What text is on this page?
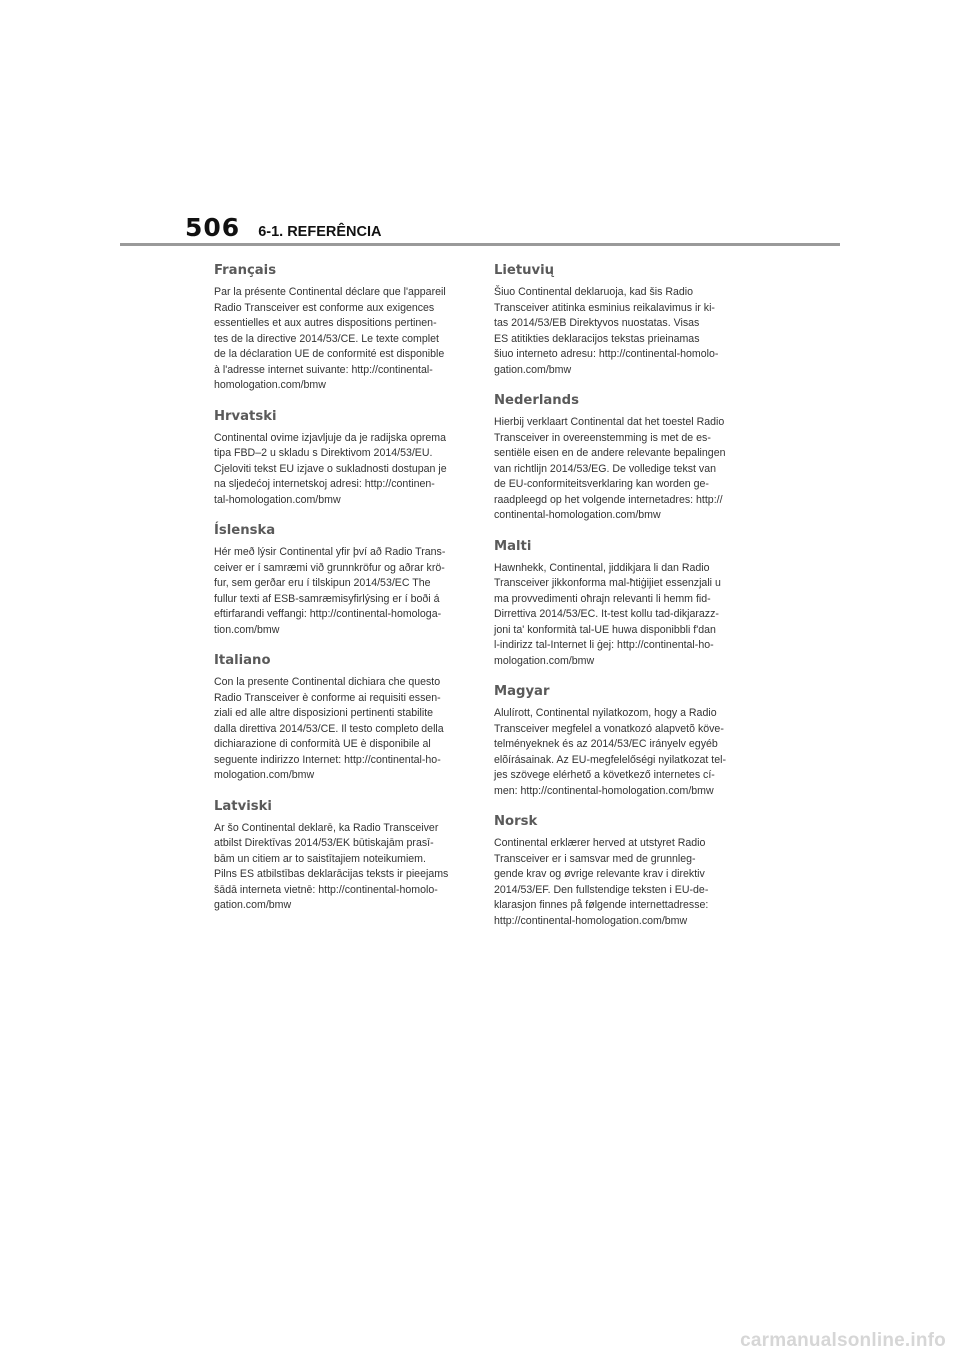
506 6-1. REFERÊNCIA
Français

Par la présente Continental déclare que l'appareil
Radio Transceiver est conforme aux exigences
essentielles et aux autres dispositions pertinen-
tes de la directive 2014/53/CE. Le texte complet
de la déclaration UE de conformité est disponible
à l'adresse internet suivante: http://continental-
homologation.com/bmw

Hrvatski

Continental ovime izjavljuje da je radijska oprema
tipa FBD–2 u skladu s Direktivom 2014/53/EU.
Cjeloviti tekst EU izjave o sukladnosti dostupan je
na sljedećoj internetskoj adresi: http://continen-
tal-homologation.com/bmw

Íslenska

Hér með lýsir Continental yfir því að Radio Trans-
ceiver er í samræmi við grunnkröfur og aðrar krö-
fur, sem gerðar eru í tilskipun 2014/53/EC The
fullur texti af ESB-samræmisyfirlýsing er í boði á
eftirfarandi veffangi: http://continental-homologa-
tion.com/bmw

Italiano

Con la presente Continental dichiara che questo
Radio Transceiver è conforme ai requisiti essen-
ziali ed alle altre disposizioni pertinenti stabilite
dalla direttiva 2014/53/CE. Il testo completo della
dichiarazione di conformità UE è disponibile al
seguente indirizzo Internet: http://continental-ho-
mologation.com/bmw

Latviski

Ar šo Continental deklarē, ka Radio Transceiver
atbilst Direktīvas 2014/53/EK būtiskajām prasī-
bām un citiem ar to saistītajiem noteikumiem.
Pilns ES atbilstības deklarācijas teksts ir pieejams
šādā interneta vietnē: http://continental-homolo-
gation.com/bmw

Lietuvių

Šiuo Continental deklaruoja, kad šis Radio
Transceiver atitinka esminius reikalavimus ir ki-
tas 2014/53/EB Direktyvos nuostatas. Visas
ES atitikties deklaracijos tekstas prieinamas
šiuo interneto adresu: http://continental-homolo-
gation.com/bmw

Nederlands

Hierbij verklaart Continental dat het toestel Radio
Transceiver in overeenstemming is met de es-
sentiële eisen en de andere relevante bepalingen
van richtlijn 2014/53/EG. De volledige tekst van
de EU-conformiteitsverklaring kan worden ge-
raadpleegd op het volgende internetadres: http://
continental-homologation.com/bmw

Malti

Hawnhekk, Continental, jiddikjara li dan Radio
Transceiver jikkonforma mal-ħtiġijiet essenzjali u
ma provvedimenti oħrajn relevanti li hemm fid-
Dirrettiva 2014/53/EC. It-test kollu tad-dikjarazz-
joni ta' konformità tal-UE huwa disponibbli f'dan
l-indirizz tal-Internet li ġej: http://continental-ho-
mologation.com/bmw

Magyar

Alulírott, Continental nyilatkozom, hogy a Radio
Transceiver megfelel a vonatkozó alapvetõ köve-
telményeknek és az 2014/53/EC irányelv egyéb
elõírásainak. Az EU-megfelelőségi nyilatkozat tel-
jes szövege elérhető a következő internetes cí-
men: http://continental-homologation.com/bmw

Norsk

Continental erklærer herved at utstyret Radio
Transceiver er i samsvar med de grunnleg-
gende krav og øvrige relevante krav i direktiv
2014/53/EF. Den fullstendige teksten i EU-de-
klarasjon finnes på følgende internettadresse:
http://continental-homologation.com/bmw

carmanualsonline.info
